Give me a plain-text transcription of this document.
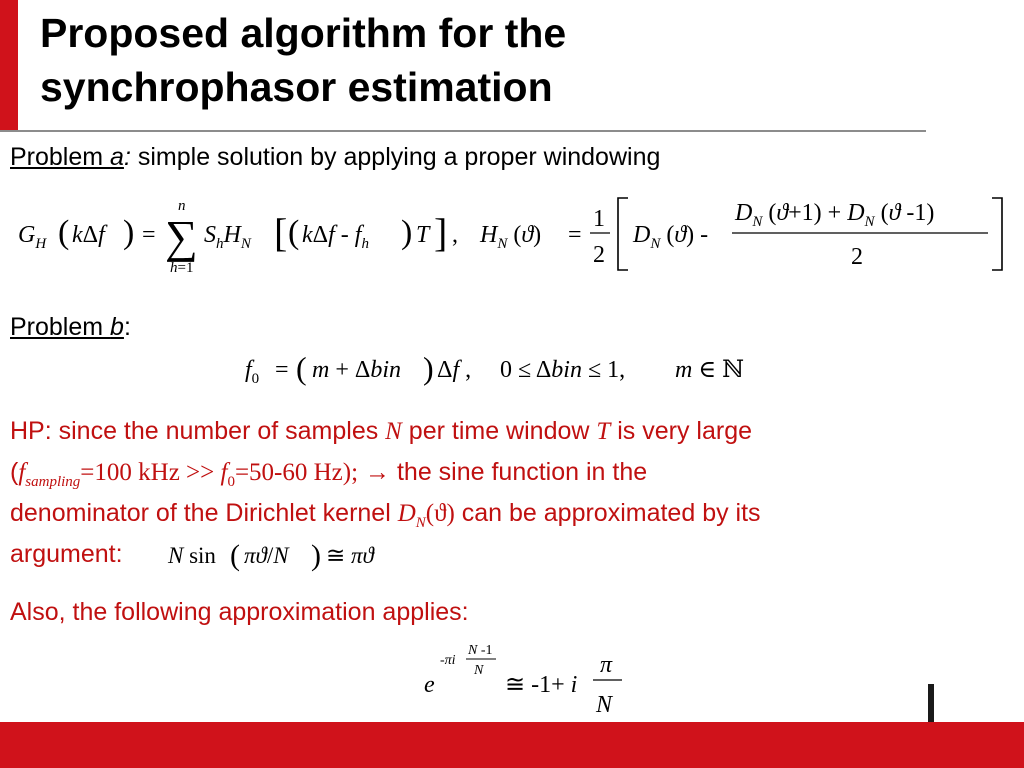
Proposed algorithm for the
synchrophasor estimation
Problem a: simple solution by applying a proper windowing
$G_H$ ( kΔf ) = ∑
n
h=1
$S_hH_N$ [ ( kΔf - $f_h$ ) T ] , $H_N$ (ϑ) =
1
2
$D_N$ (ϑ) -
$D_N$ $(ϑ+1) + D_N$ (ϑ -1)
2
Problem b:
$f_0$ = ( m + Δbin ) Δf , 0 ≤ Δbin ≤ 1, m ∈ ℕ
HP: since the number of samples N per time window T is very large
($f_{sampling}=100$ kHz >> $f_0=50-60$ Hz); → the sine function in the
denominator of the Dirichlet kernel $D_N(ϑ)$ can be approximated by its
argument: N sin ( πϑ/N ) ≅ πϑ
Also, the following approximation applies:
e
-πi
N -1
N
≅ -1+ i
π
N
